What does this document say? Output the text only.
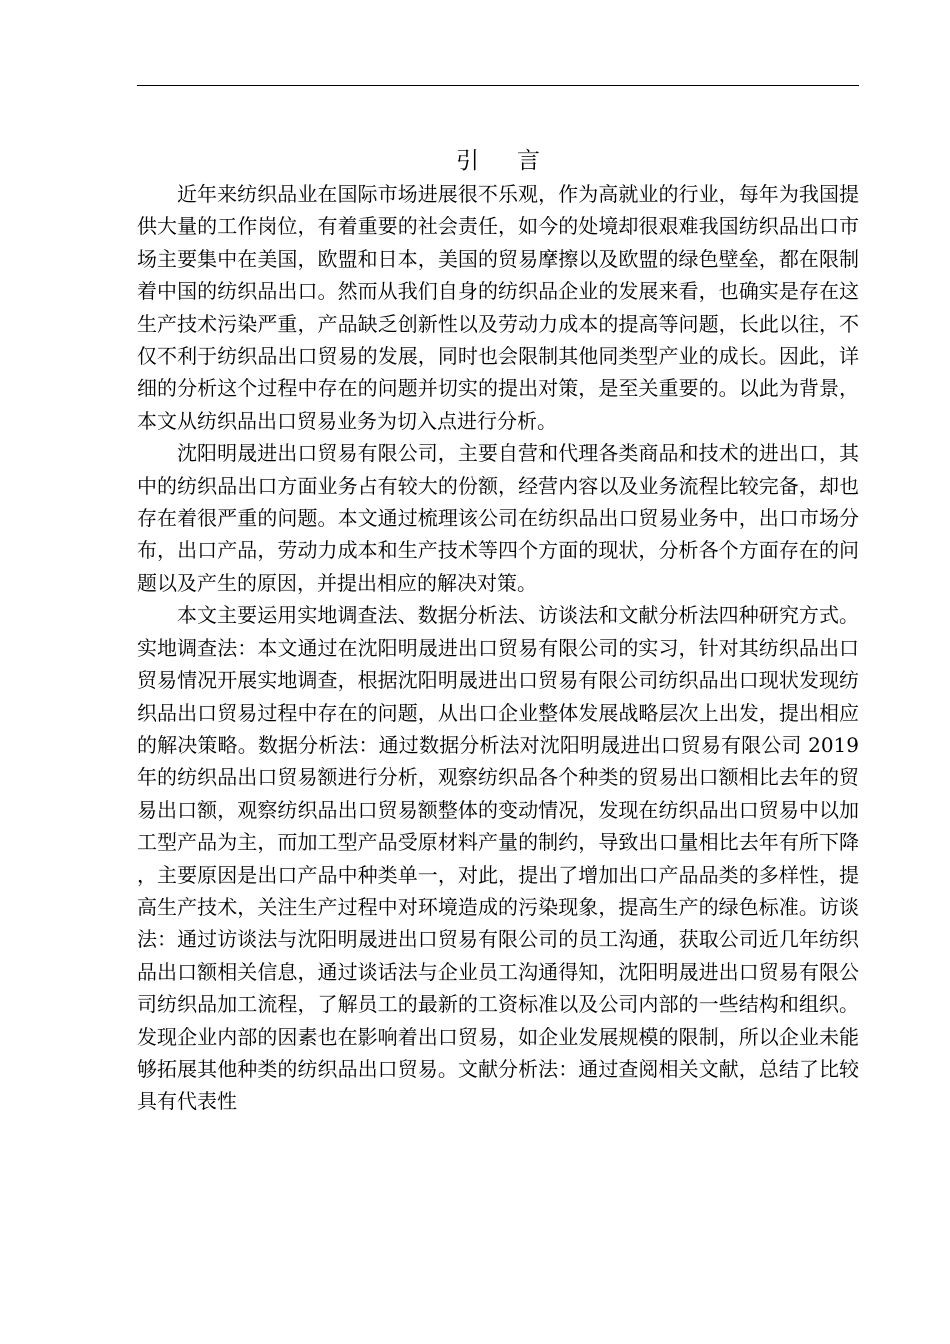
引言

近年来纺织品业在国际市场进展很不乐观，作为高就业的行业，每年为我国提供大量的工作岗位，有着重要的社会责任，如今的处境却很艰难我国纺织品出口市场主要集中在美国，欧盟和日本，美国的贸易摩擦以及欧盟的绿色壁垒，都在限制着中国的纺织品出口。然而从我们自身的纺织品企业的发展来看，也确实是存在这生产技术污染严重，产品缺乏创新性以及劳动力成本的提高等问题，长此以往，不仅不利于纺织品出口贸易的发展，同时也会限制其他同类型产业的成长。因此，详细的分析这个过程中存在的问题并切实的提出对策，是至关重要的。以此为背景，本文从纺织品出口贸易业务为切入点进行分析。

沈阳明晟进出口贸易有限公司，主要自营和代理各类商品和技术的进出口，其中的纺织品出口方面业务占有较大的份额，经营内容以及业务流程比较完备，却也存在着很严重的问题。本文通过梳理该公司在纺织品出口贸易业务中，出口市场分布，出口产品，劳动力成本和生产技术等四个方面的现状，分析各个方面存在的问题以及产生的原因，并提出相应的解决对策。

本文主要运用实地调查法、数据分析法、访谈法和文献分析法四种研究方式。实地调查法：本文通过在沈阳明晟进出口贸易有限公司的实习，针对其纺织品出口贸易情况开展实地调查，根据沈阳明晟进出口贸易有限公司纺织品出口现状发现纺织品出口贸易过程中存在的问题，从出口企业整体发展战略层次上出发，提出相应的解决策略。数据分析法：通过数据分析法对沈阳明晟进出口贸易有限公司 2019 年的纺织品出口贸易额进行分析，观察纺织品各个种类的贸易出口额相比去年的贸易出口额，观察纺织品出口贸易额整体的变动情况，发现在纺织品出口贸易中以加工型产品为主，而加工型产品受原材料产量的制约，导致出口量相比去年有所下降，主要原因是出口产品中种类单一，对此，提出了增加出口产品品类的多样性，提高生产技术，关注生产过程中对环境造成的污染现象，提高生产的绿色标准。访谈法：通过访谈法与沈阳明晟进出口贸易有限公司的员工沟通，获取公司近几年纺织品出口额相关信息，通过谈话法与企业员工沟通得知，沈阳明晟进出口贸易有限公司纺织品加工流程，了解员工的最新的工资标准以及公司内部的一些结构和组织。发现企业内部的因素也在影响着出口贸易，如企业发展规模的限制，所以企业未能够拓展其他种类的纺织品出口贸易。文献分析法：通过查阅相关文献，总结了比较具有代表性
